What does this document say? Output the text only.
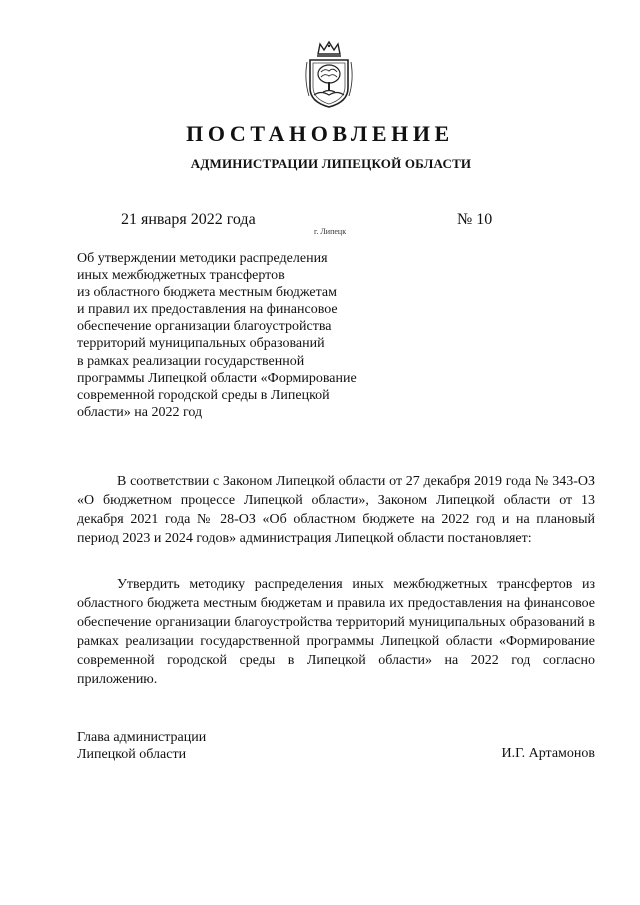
ПОСТАНОВЛЕНИЕ
АДМИНИСТРАЦИИ ЛИПЕЦКОЙ ОБЛАСТИ
21 января 2022 года
г. Липецк
№ 10
Об утверждении методики распределения
иных межбюджетных трансфертов
из областного бюджета местным бюджетам
и правил их предоставления на финансовое
обеспечение организации благоустройства
территорий муниципальных образований
в рамках реализации государственной
программы Липецкой области «Формирование
современной городской среды в Липецкой
области» на 2022 год

В соответствии с Законом Липецкой области от 27 декабря 2019 года № 343-ОЗ «О бюджетном процессе Липецкой области», Законом Липецкой области от 13 декабря 2021 года № 28-ОЗ «Об областном бюджете на 2022 год и на плановый период 2023 и 2024 годов» администрация Липецкой области постановляет:

Утвердить методику распределения иных межбюджетных трансфертов из областного бюджета местным бюджетам и правила их предоставления на финансовое обеспечение организации благоустройства территорий муниципальных образований в рамках реализации государственной программы Липецкой области «Формирование современной городской среды в Липецкой области» на 2022 год согласно приложению.

Глава администрации
Липецкой области	И.Г. Артамонов
